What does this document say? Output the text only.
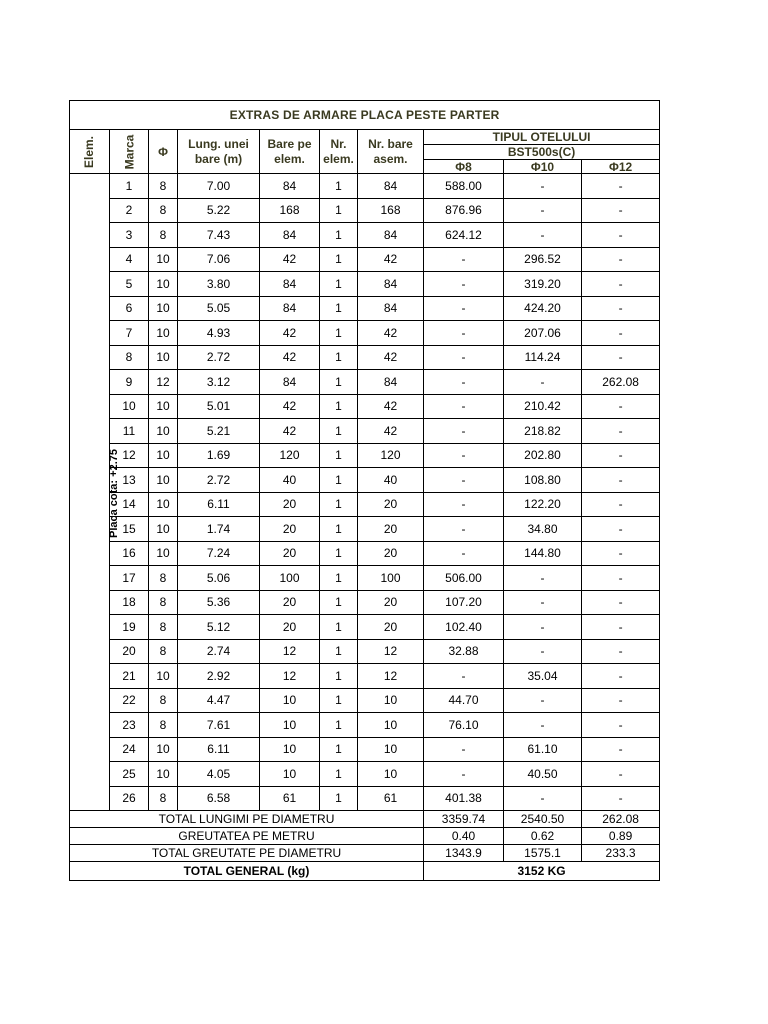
EXTRAS DE ARMARE PLACA PESTE PARTER									
Elem.	Marca	Φ	Lung. unei bare (m)	Bare pe elem.	Nr. elem.	Nr. bare asem.	TIPUL OTELULUI		
							BST500s(C)		
							Φ8	Φ10	Φ12
Placa cota: +2.75	1	8	7.00	84	1	84	588.00	-	-
	2	8	5.22	168	1	168	876.96	-	-
	3	8	7.43	84	1	84	624.12	-	-
	4	10	7.06	42	1	42	-	296.52	-
	5	10	3.80	84	1	84	-	319.20	-
	6	10	5.05	84	1	84	-	424.20	-
	7	10	4.93	42	1	42	-	207.06	-
	8	10	2.72	42	1	42	-	114.24	-
	9	12	3.12	84	1	84	-	-	262.08
	10	10	5.01	42	1	42	-	210.42	-
	11	10	5.21	42	1	42	-	218.82	-
	12	10	1.69	120	1	120	-	202.80	-
	13	10	2.72	40	1	40	-	108.80	-
	14	10	6.11	20	1	20	-	122.20	-
	15	10	1.74	20	1	20	-	34.80	-
	16	10	7.24	20	1	20	-	144.80	-
	17	8	5.06	100	1	100	506.00	-	-
	18	8	5.36	20	1	20	107.20	-	-
	19	8	5.12	20	1	20	102.40	-	-
	20	8	2.74	12	1	12	32.88	-	-
	21	10	2.92	12	1	12	-	35.04	-
	22	8	4.47	10	1	10	44.70	-	-
	23	8	7.61	10	1	10	76.10	-	-
	24	10	6.11	10	1	10	-	61.10	-
	25	10	4.05	10	1	10	-	40.50	-
	26	8	6.58	61	1	61	401.38	-	-
TOTAL LUNGIMI PE DIAMETRU							3359.74	2540.50	262.08
GREUTATEA PE METRU							0.40	0.62	0.89
TOTAL GREUTATE PE DIAMETRU							1343.9	1575.1	233.3
TOTAL GENERAL (kg)							3152 KG		
